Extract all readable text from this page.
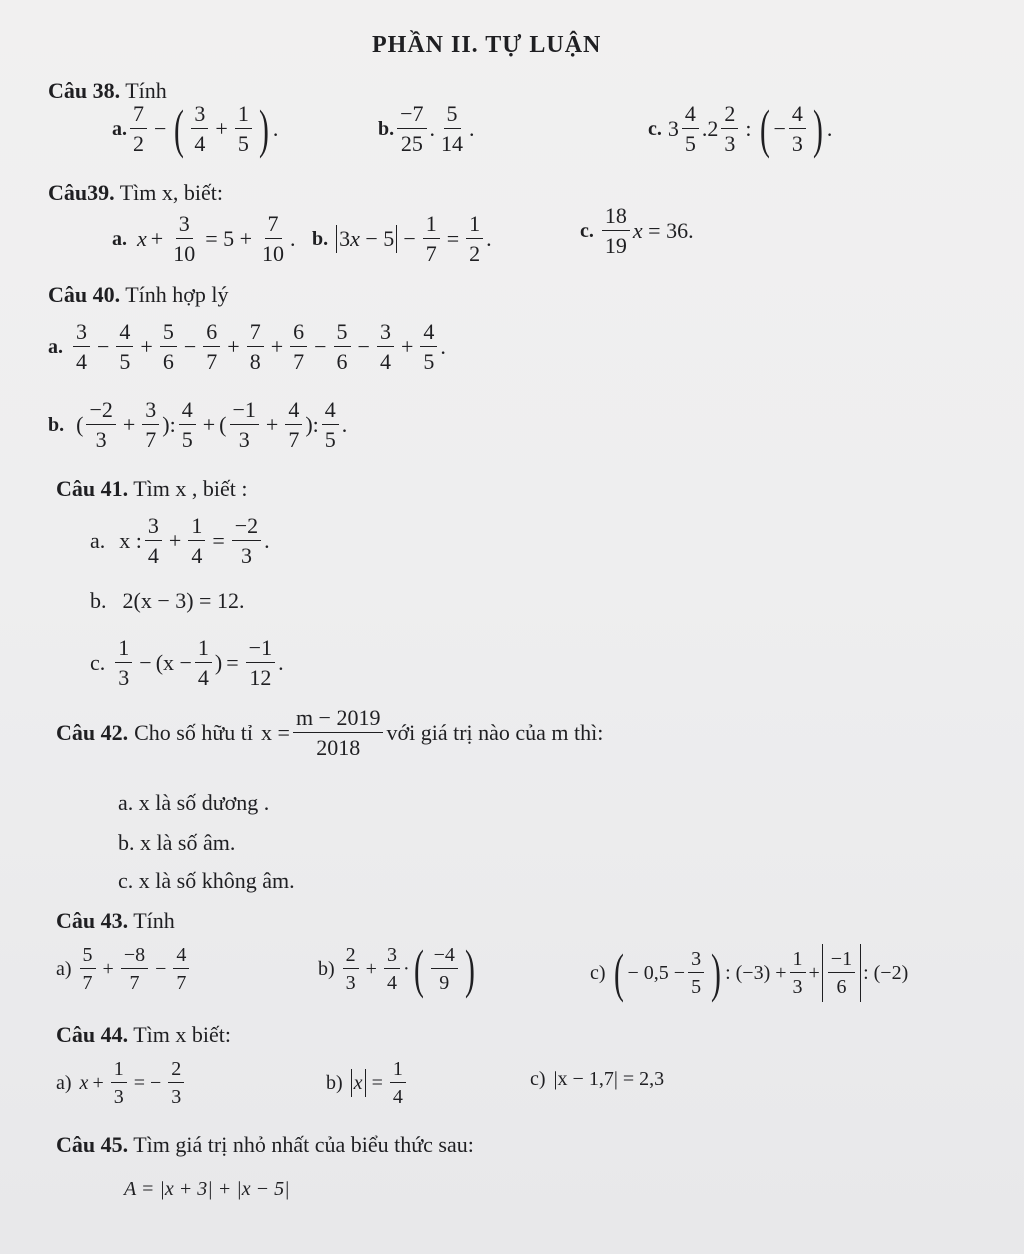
PHẦN II. TỰ LUẬN
Câu 38. Tính
a. $\frac{7}{2}$ − ( $\frac{3}{4} + \frac{1}{5}$ ) .	b. $\frac{-7}{25}$ . $\frac{5}{14}$ .	c. $3 \frac{4}{5} .2 \frac{2}{3}$ : ( − $\frac{4}{3}$ ) .
Câu39. Tìm x, biết:
a. $x + \frac{3}{10} = 5 + \frac{7}{10}$ . b. $3x - 5 - \frac{1}{7} = \frac{1}{2}$ .	c. $\frac{18}{19}$ x = 36.
Câu 40. Tính hợp lý
a. $\frac{3}{4} - \frac{4}{5} + \frac{5}{6} - \frac{6}{7} + \frac{7}{8} + \frac{6}{7} - \frac{5}{6} - \frac{3}{4} + \frac{4}{5}$ .
b. ( $\frac{-2}{3} + \frac{3}{7}$ ): $\frac{4}{5}$ + ( $\frac{-1}{3} + \frac{4}{7}$ ): $\frac{4}{5}$ .
Câu 41. Tìm x , biết :
a. x : $\frac{3}{4} + \frac{1}{4} = \frac{-2}{3}$ .
b. 2(x − 3) = 12.
c. $\frac{1}{3} - (x - \frac{1}{4}$ ) = $\frac{-1}{12}$ .
Câu 42. Cho số hữu tỉ $x = \frac{m - 2019}{2018}$ với giá trị nào của m thì:
a. x là số dương .
b. x là số âm.
c. x là số không âm.
Câu 43. Tính
$a) \frac{5}{7} + \frac{-8}{7} - \frac{4}{7}$	$b) \frac{2}{3} + \frac{3}{4}$ · ( $\frac{-4}{9}$ )	c) ( − $0,5 - \frac{3}{5}$ ) : $(-3) + \frac{1}{3} + \frac{-1}{6}$ : (−2)
Câu 44. Tìm x biết:
a) $x + \frac{1}{3}$ = − $\frac{2}{3}$	b) $x = \frac{1}{4}$	c) |x − 1,7| = 2,3
Câu 45. Tìm giá trị nhỏ nhất của biểu thức sau:
A = |x + 3| + |x − 5|
